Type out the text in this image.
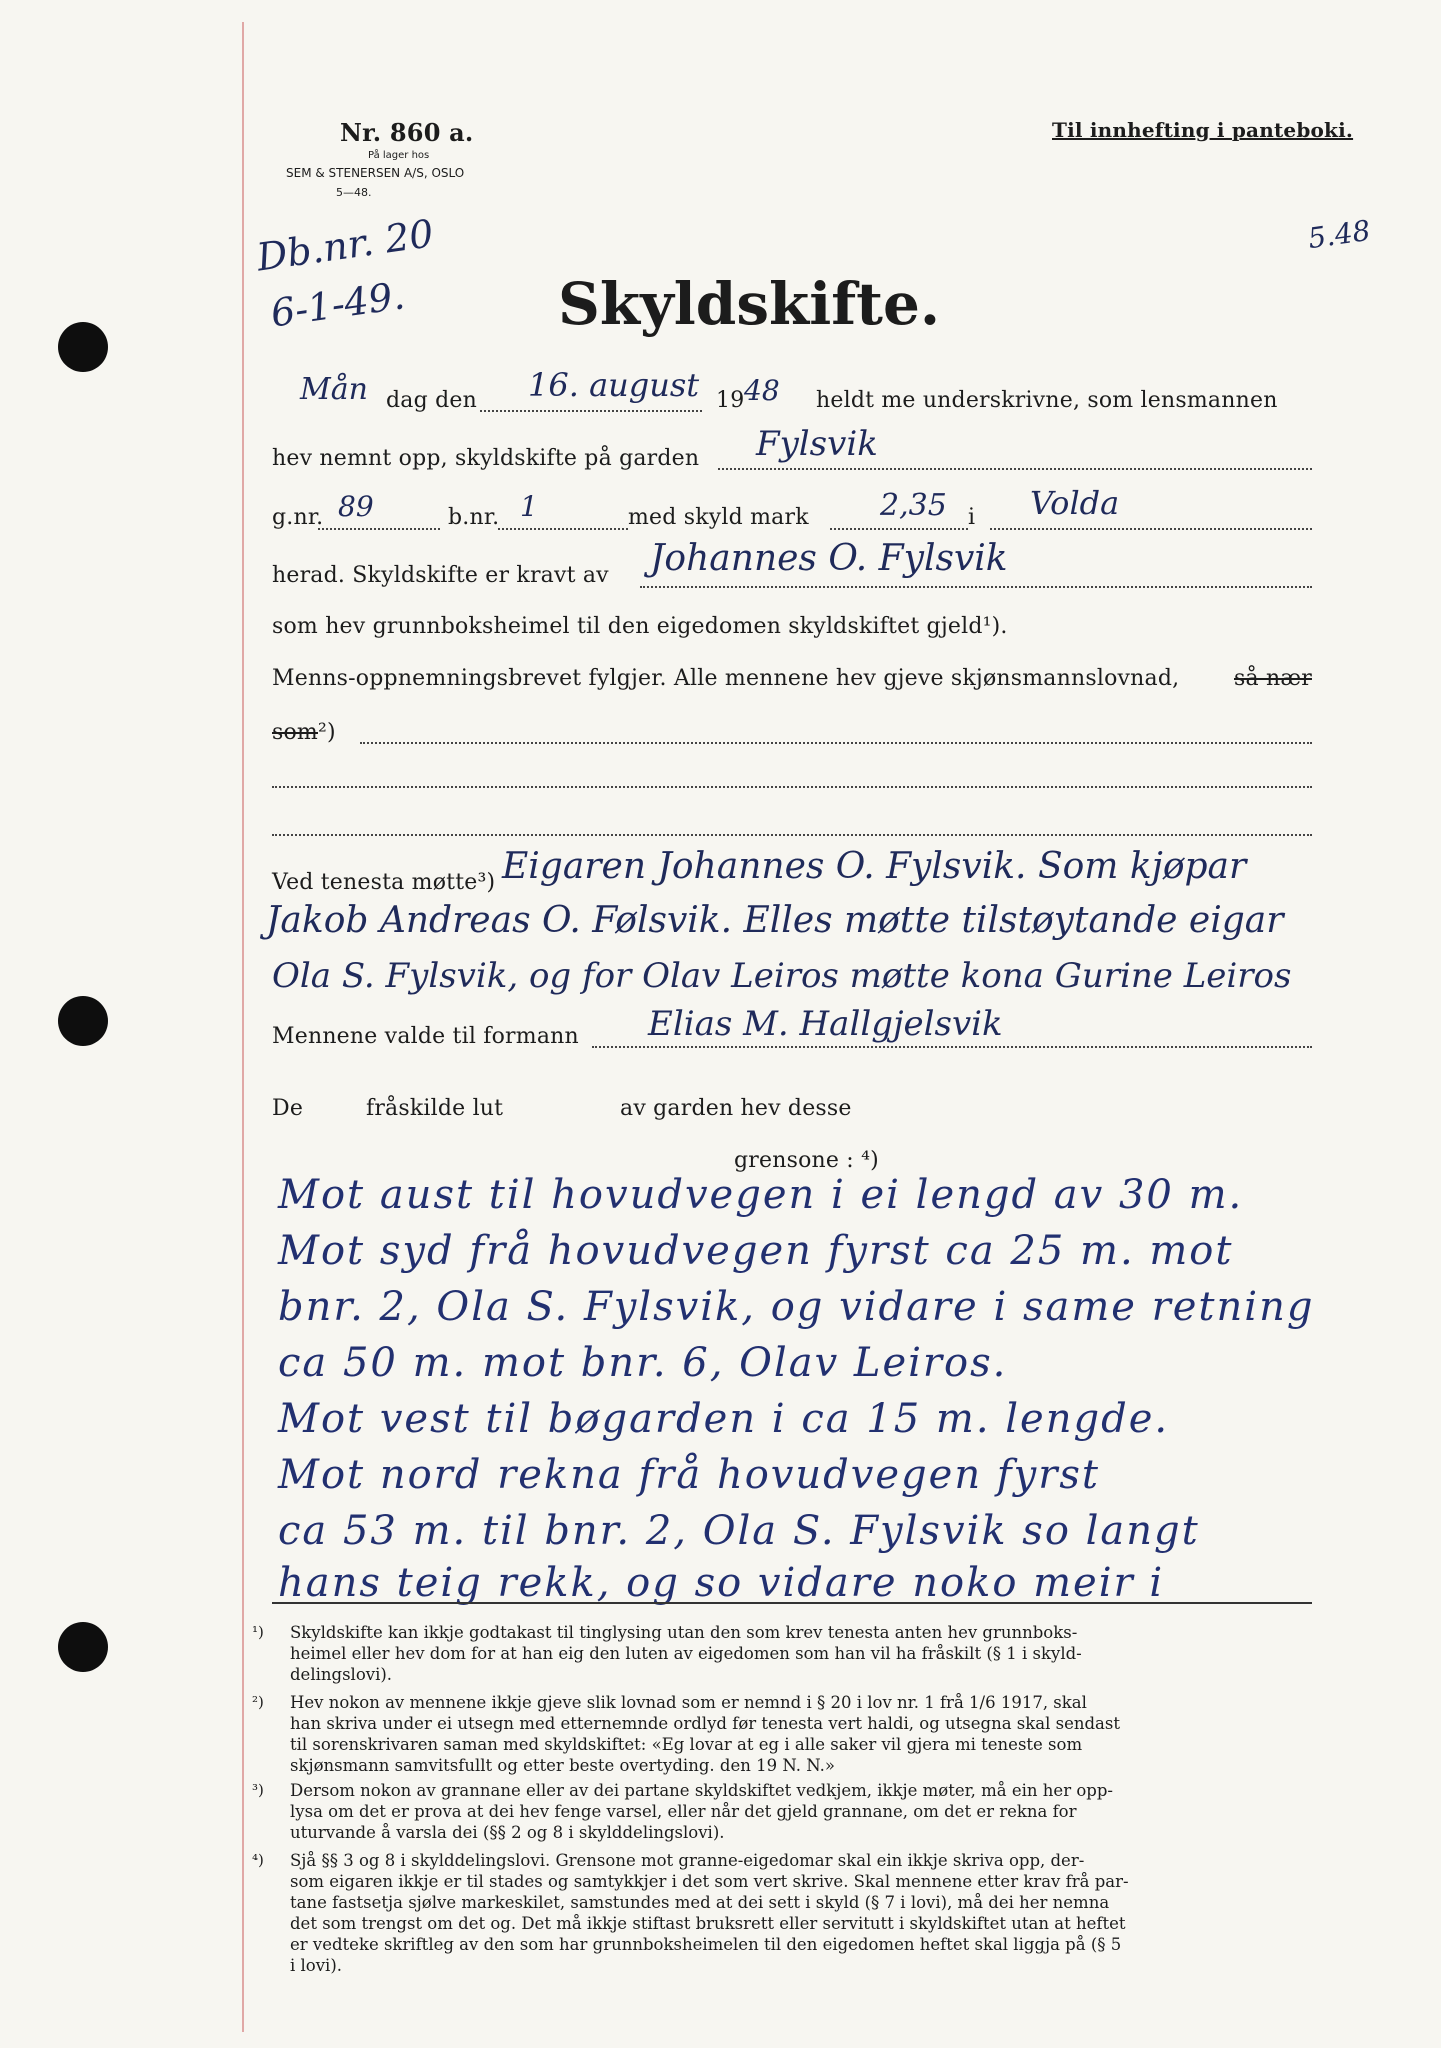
Nr. 860 a.
På lager hos
SEM & STENERSEN A/S, OSLO
5—48.
Til innhefting i panteboki.
5.48
Db.nr. 20
6-1-49.	Skyldskifte.
Mån dag den 16. august 19 48 heldt me underskrivne, som lensmannen
hev nemnt opp, skyldskifte på garden Fylsvik
g.nr. 89	b.nr. 1	med skyld mark 2,35 i Volda
herad. Skyldskifte er kravt av Johannes O. Fylsvik
som hev grunnboksheimel til den eigedomen skyldskiftet gjeld¹).
Menns-oppnemningsbrevet fylgjer. Alle mennene hev gjeve skjønsmannslovnad, så nær
som²)
Ved tenesta møtte³) Eigaren Johannes O. Fylsvik. Som kjøpar
Jakob Andreas O. Følsvik. Elles møtte tilstøytande eigar
Ola S. Fylsvik, og for Olav Leiros møtte kona Gurine Leiros
Mennene valde til formann Elias M. Hallgjelsvik
De	fråskilde lut	av garden hev desse
grensone : ⁴)
Mot aust til hovudvegen i ei lengd av 30 m.
Mot syd frå hovudvegen fyrst ca 25 m. mot
bnr. 2, Ola S. Fylsvik, og vidare i same retning
ca 50 m. mot bnr. 6, Olav Leiros.
Mot vest til bøgarden i ca 15 m. lengde.
Mot nord rekna frå hovudvegen fyrst
ca 53 m. til bnr. 2, Ola S. Fylsvik so langt
hans teig rekk, og so vidare noko meir i
¹) Skyldskifte kan ikkje godtakast til tinglysing utan den som krev tenesta anten hev grunnboks-
heimel eller hev dom for at han eig den luten av eigedomen som han vil ha fråskilt (§ 1 i skyld-
delingslovi).
²) Hev nokon av mennene ikkje gjeve slik lovnad som er nemnd i § 20 i lov nr. 1 frå 1/6 1917, skal
han skriva under ei utsegn med etternemnde ordlyd før tenesta vert haldi, og utsegna skal sendast
til sorenskrivaren saman med skyldskiftet: «Eg lovar at eg i alle saker vil gjera mi teneste som
skjønsmann samvitsfullt og etter beste overtyding. den 19 N. N.»
³) Dersom nokon av grannane eller av dei partane skyldskiftet vedkjem, ikkje møter, må ein her opp-
lysa om det er prova at dei hev fenge varsel, eller når det gjeld grannane, om det er rekna for
uturvande å varsla dei (§§ 2 og 8 i skylddelingslovi).
⁴) Sjå §§ 3 og 8 i skylddelingslovi. Grensone mot granne-eigedomar skal ein ikkje skriva opp, der-
som eigaren ikkje er til stades og samtykkjer i det som vert skrive. Skal mennene etter krav frå par-
tane fastsetja sjølve markeskilet, samstundes med at dei sett i skyld (§ 7 i lovi), må dei her nemna
det som trengst om det og. Det må ikkje stiftast bruksrett eller servitutt i skyldskiftet utan at heftet
er vedteke skriftleg av den som har grunnboksheimelen til den eigedomen heftet skal liggja på (§ 5
i lovi).
